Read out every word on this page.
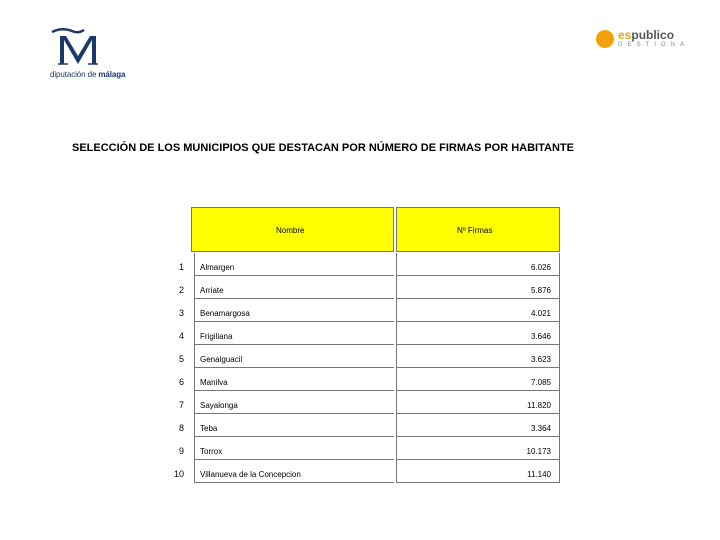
diputación de málaga
espublico
GESTIONA
SELECCIÓN DE LOS MUNICIPIOS QUE DESTACAN POR NÚMERO DE FIRMAS POR HABITANTE
Nombre	Nº Firmas
1 Almargen	6.026
2 Arriate	5.876
3 Benamargosa	4.021
4 Frigiliana	3.646
5 Genalguacil	3.623
6 Manilva	7.085
7 Sayalonga	11.820
8 Teba	3.364
9 Torrox	10.173
10 Villanueva de la Concepcion	11.140
